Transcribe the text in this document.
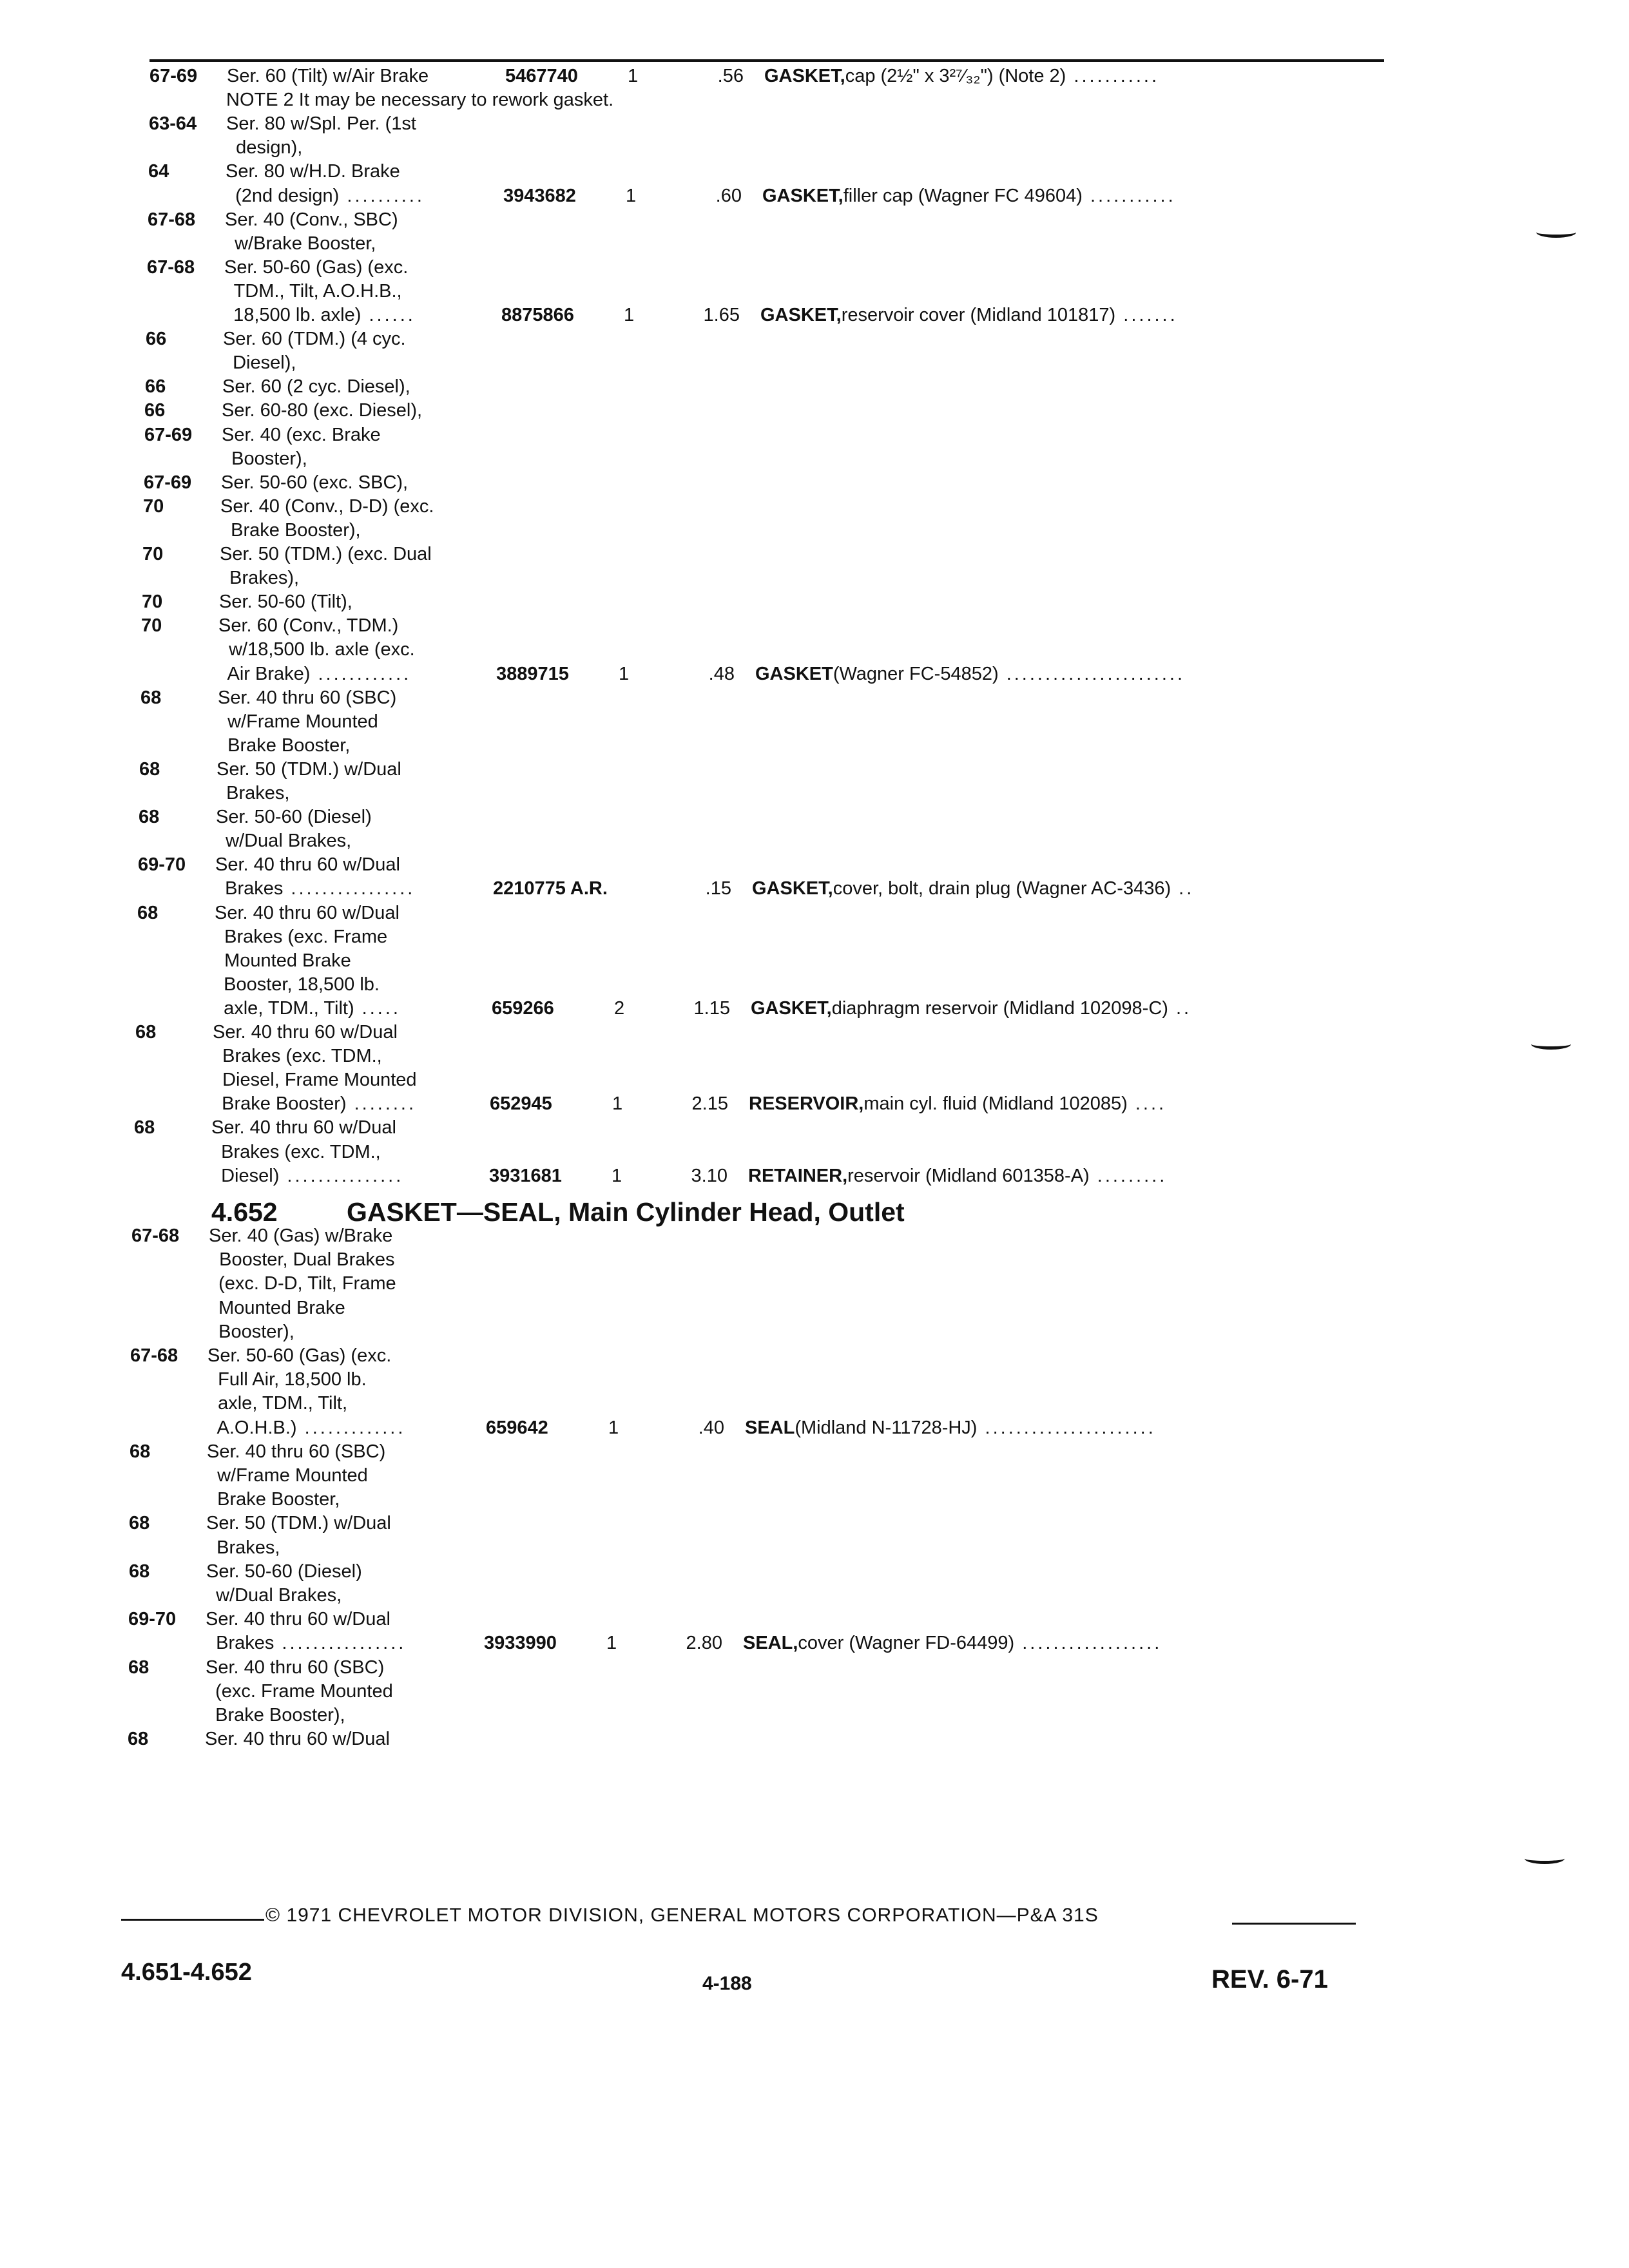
67-69	Ser. 60 (Tilt) w/Air Brake	5467740	1	.56 GASKET,cap (2½" x 3²⁷⁄₃₂") (Note 2) ...........
NOTE 2 It may be necessary to rework gasket.
63-64	Ser. 80 w/Spl. Per. (1st
design),
64	Ser. 80 w/H.D. Brake
(2nd design) ..........	3943682	1	.60 GASKET,filler cap (Wagner FC 49604) ...........
67-68	Ser. 40 (Conv., SBC)
w/Brake Booster,
67-68	Ser. 50-60 (Gas) (exc.
TDM., Tilt, A.O.H.B.,
18,500 lb. axle) ......	8875866	1	1.65 GASKET,reservoir cover (Midland 101817) .......
66	Ser. 60 (TDM.) (4 cyc.
Diesel),
66	Ser. 60 (2 cyc. Diesel),
66	Ser. 60-80 (exc. Diesel),
67-69	Ser. 40 (exc. Brake
Booster),
67-69	Ser. 50-60 (exc. SBC),
70	Ser. 40 (Conv., D-D) (exc.
Brake Booster),
70	Ser. 50 (TDM.) (exc. Dual
Brakes),
70	Ser. 50-60 (Tilt),
70	Ser. 60 (Conv., TDM.)
w/18,500 lb. axle (exc.
Air Brake) ............	3889715	1	.48 GASKET(Wagner FC-54852) .......................
68	Ser. 40 thru 60 (SBC)
w/Frame Mounted
Brake Booster,
68	Ser. 50 (TDM.) w/Dual
Brakes,
68	Ser. 50-60 (Diesel)
w/Dual Brakes,
69-70	Ser. 40 thru 60 w/Dual
Brakes ................	2210775 A.R.	.15 GASKET,cover, bolt, drain plug (Wagner AC-3436) ..
68	Ser. 40 thru 60 w/Dual
Brakes (exc. Frame
Mounted Brake
Booster, 18,500 lb.
axle, TDM., Tilt) .....	659266	2	1.15 GASKET,diaphragm reservoir (Midland 102098-C) ..
68	Ser. 40 thru 60 w/Dual
Brakes (exc. TDM.,
Diesel, Frame Mounted
Brake Booster) ........	652945	1	2.15 RESERVOIR,main cyl. fluid (Midland 102085) ....
68	Ser. 40 thru 60 w/Dual
Brakes (exc. TDM.,
Diesel) ...............	3931681	1	3.10 RETAINER,reservoir (Midland 601358-A) .........
4.652	GASKET—SEAL, Main Cylinder Head, Outlet
67-68	Ser. 40 (Gas) w/Brake
Booster, Dual Brakes
(exc. D-D, Tilt, Frame
Mounted Brake
Booster),
67-68	Ser. 50-60 (Gas) (exc.
Full Air, 18,500 lb.
axle, TDM., Tilt,
A.O.H.B.) .............	659642	1	.40 SEAL(Midland N-11728-HJ) ......................
68	Ser. 40 thru 60 (SBC)
w/Frame Mounted
Brake Booster,
68	Ser. 50 (TDM.) w/Dual
Brakes,
68	Ser. 50-60 (Diesel)
w/Dual Brakes,
69-70	Ser. 40 thru 60 w/Dual
Brakes ................	3933990	1	2.80 SEAL,cover (Wagner FD-64499) ..................
68	Ser. 40 thru 60 (SBC)
(exc. Frame Mounted
Brake Booster),
68	Ser. 40 thru 60 w/Dual
© 1971 CHEVROLET MOTOR DIVISION, GENERAL MOTORS CORPORATION—P&A 31S
4.651-4.652	4-188	REV. 6-71
